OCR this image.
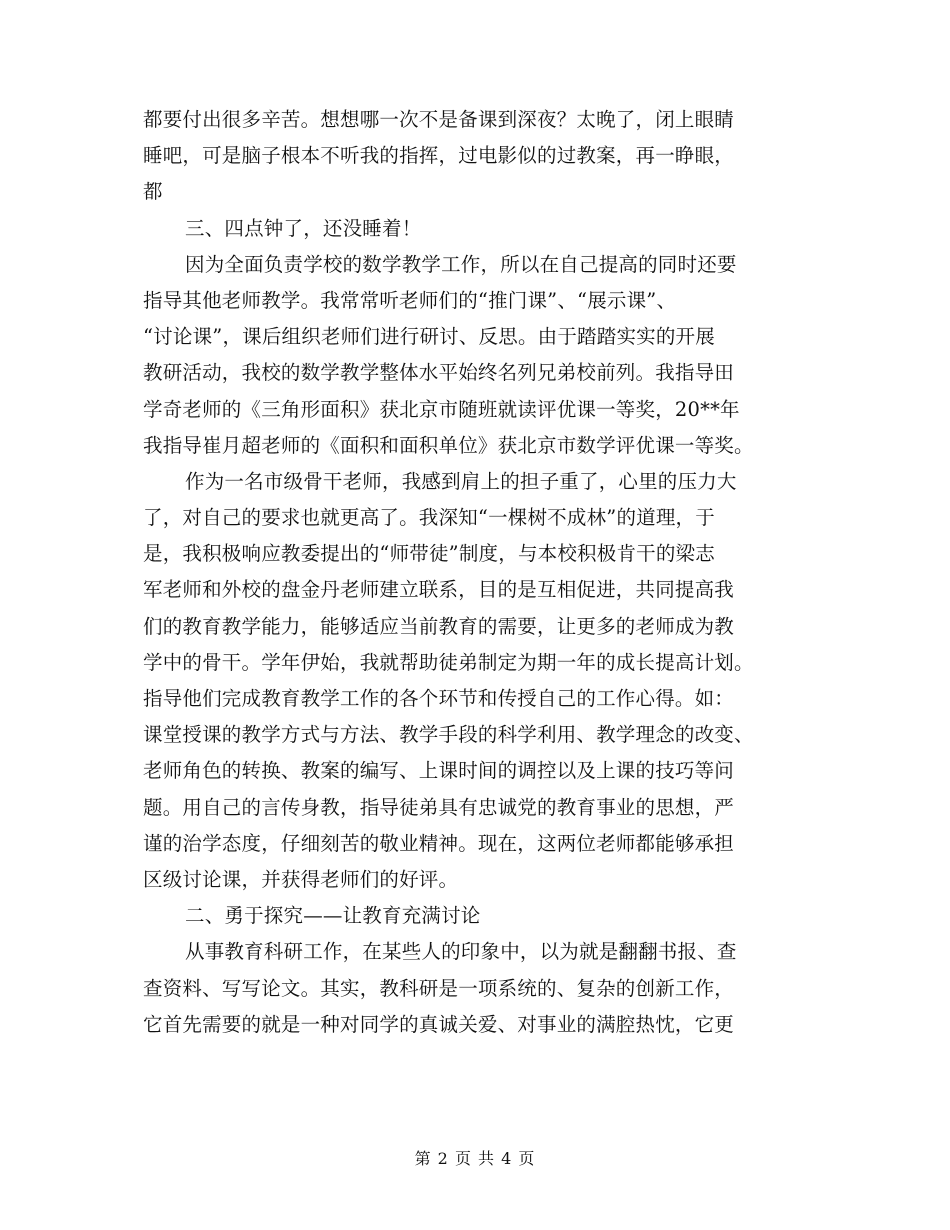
都要付出很多辛苦。想想哪一次不是备课到深夜？太晚了，闭上眼睛
睡吧，可是脑子根本不听我的指挥，过电影似的过教案，再一睁眼，
都
三、四点钟了，还没睡着！
因为全面负责学校的数学教学工作，所以在自己提高的同时还要
指导其他老师教学。我常常听老师们的“推门课”、“展示课”、
“讨论课”，课后组织老师们进行研讨、反思。由于踏踏实实的开展
教研活动，我校的数学教学整体水平始终名列兄弟校前列。我指导田
学奇老师的《三角形面积》获北京市随班就读评优课一等奖，20**年
我指导崔月超老师的《面积和面积单位》获北京市数学评优课一等奖。
作为一名市级骨干老师，我感到肩上的担子重了，心里的压力大
了，对自己的要求也就更高了。我深知“一棵树不成林”的道理，于
是，我积极响应教委提出的“师带徒”制度，与本校积极肯干的梁志
军老师和外校的盘金丹老师建立联系，目的是互相促进，共同提高我
们的教育教学能力，能够适应当前教育的需要，让更多的老师成为教
学中的骨干。学年伊始，我就帮助徒弟制定为期一年的成长提高计划。
指导他们完成教育教学工作的各个环节和传授自己的工作心得。如：
课堂授课的教学方式与方法、教学手段的科学利用、教学理念的改变、
老师角色的转换、教案的编写、上课时间的调控以及上课的技巧等问
题。用自己的言传身教，指导徒弟具有忠诚党的教育事业的思想，严
谨的治学态度，仔细刻苦的敬业精神。现在，这两位老师都能够承担
区级讨论课，并获得老师们的好评。
二、勇于探究——让教育充满讨论
从事教育科研工作，在某些人的印象中，以为就是翻翻书报、查
查资料、写写论文。其实，教科研是一项系统的、复杂的创新工作，
它首先需要的就是一种对同学的真诚关爱、对事业的满腔热忱，它更
第 2 页 共 4 页
